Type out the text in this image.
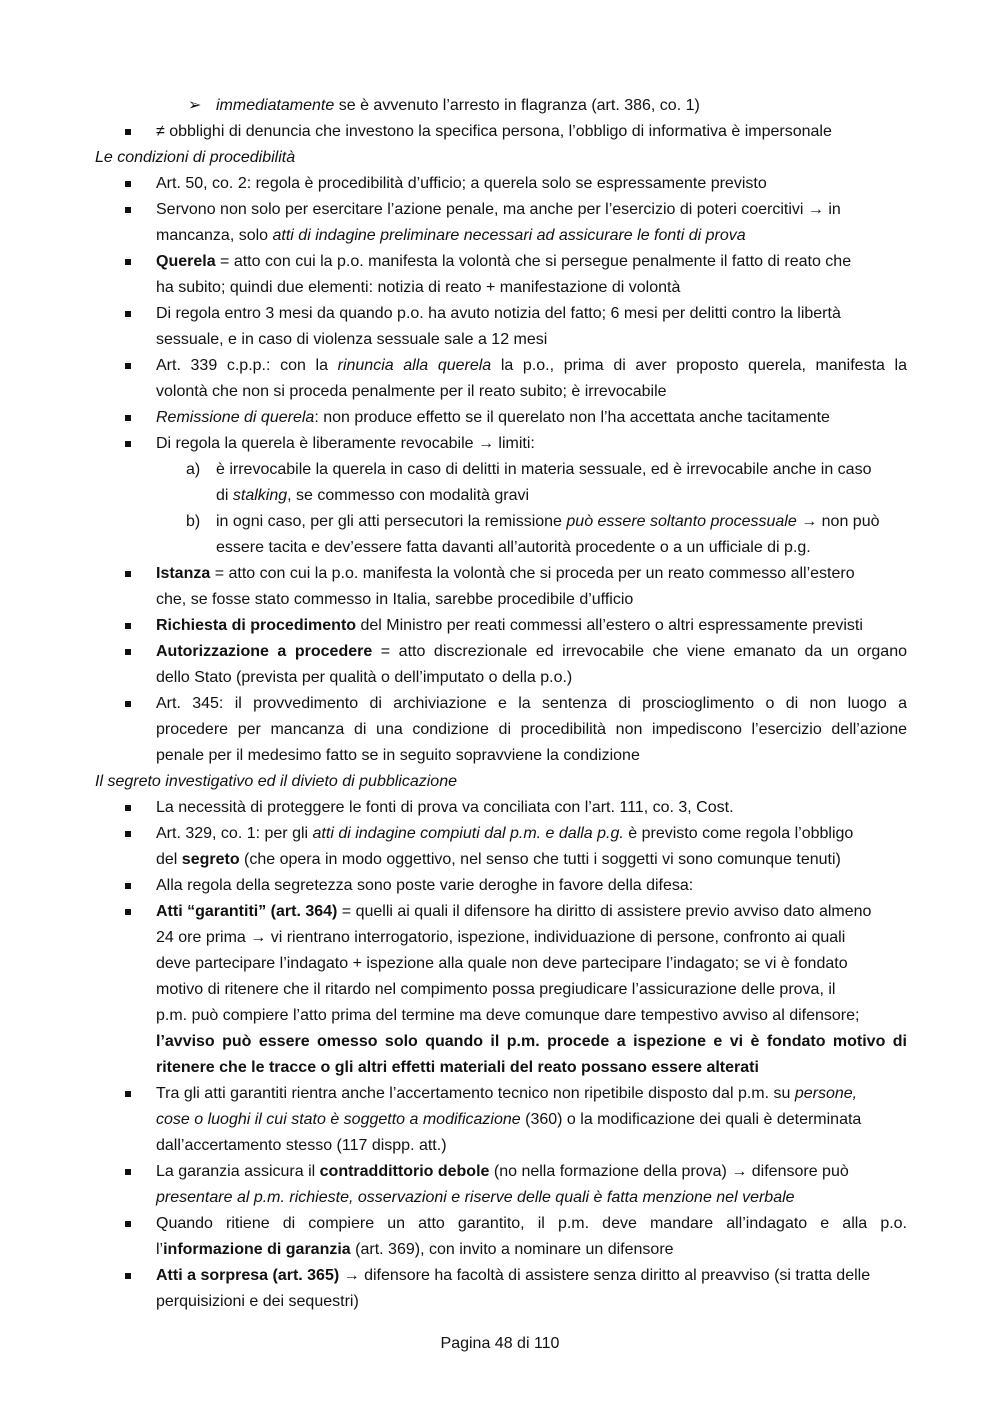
➢ immediatamente se è avvenuto l’arresto in flagranza (art. 386, co. 1)
≠ obblighi di denuncia che investono la specifica persona, l’obbligo di informativa è impersonale
Le condizioni di procedibilità
Art. 50, co. 2: regola è procedibilità d’ufficio; a querela solo se espressamente previsto
Servono non solo per esercitare l’azione penale, ma anche per l’esercizio di poteri coercitivi → in
mancanza, solo atti di indagine preliminare necessari ad assicurare le fonti di prova
Querela = atto con cui la p.o. manifesta la volontà che si persegue penalmente il fatto di reato che
ha subito; quindi due elementi: notizia di reato + manifestazione di volontà
Di regola entro 3 mesi da quando p.o. ha avuto notizia del fatto; 6 mesi per delitti contro la libertà
sessuale, e in caso di violenza sessuale sale a 12 mesi
Art. 339 c.p.p.: con la rinuncia alla querela la p.o., prima di aver proposto querela, manifesta la
volontà che non si proceda penalmente per il reato subito; è irrevocabile
Remissione di querela: non produce effetto se il querelato non l’ha accettata anche tacitamente
Di regola la querela è liberamente revocabile → limiti:
a) è irrevocabile la querela in caso di delitti in materia sessuale, ed è irrevocabile anche in caso
di stalking, se commesso con modalità gravi
b) in ogni caso, per gli atti persecutori la remissione può essere soltanto processuale → non può
essere tacita e dev’essere fatta davanti all’autorità procedente o a un ufficiale di p.g.
Istanza = atto con cui la p.o. manifesta la volontà che si proceda per un reato commesso all’estero
che, se fosse stato commesso in Italia, sarebbe procedibile d’ufficio
Richiesta di procedimento del Ministro per reati commessi all’estero o altri espressamente previsti
Autorizzazione a procedere = atto discrezionale ed irrevocabile che viene emanato da un organo
dello Stato (prevista per qualità o dell’imputato o della p.o.)
Art. 345: il provvedimento di archiviazione e la sentenza di proscioglimento o di non luogo a
procedere per mancanza di una condizione di procedibilità non impediscono l’esercizio dell’azione
penale per il medesimo fatto se in seguito sopravviene la condizione
Il segreto investigativo ed il divieto di pubblicazione
La necessità di proteggere le fonti di prova va conciliata con l’art. 111, co. 3, Cost.
Art. 329, co. 1: per gli atti di indagine compiuti dal p.m. e dalla p.g. è previsto come regola l’obbligo
del segreto (che opera in modo oggettivo, nel senso che tutti i soggetti vi sono comunque tenuti)
Alla regola della segretezza sono poste varie deroghe in favore della difesa:
Atti “garantiti” (art. 364) = quelli ai quali il difensore ha diritto di assistere previo avviso dato almeno
24 ore prima → vi rientrano interrogatorio, ispezione, individuazione di persone, confronto ai quali
deve partecipare l’indagato + ispezione alla quale non deve partecipare l’indagato; se vi è fondato
motivo di ritenere che il ritardo nel compimento possa pregiudicare l’assicurazione delle prova, il
p.m. può compiere l’atto prima del termine ma deve comunque dare tempestivo avviso al difensore;
l’avviso può essere omesso solo quando il p.m. procede a ispezione e vi è fondato motivo di
ritenere che le tracce o gli altri effetti materiali del reato possano essere alterati
Tra gli atti garantiti rientra anche l’accertamento tecnico non ripetibile disposto dal p.m. su persone,
cose o luoghi il cui stato è soggetto a modificazione (360) o la modificazione dei quali è determinata
dall’accertamento stesso (117 dispp. att.)
La garanzia assicura il contraddittorio debole (no nella formazione della prova) → difensore può
presentare al p.m. richieste, osservazioni e riserve delle quali è fatta menzione nel verbale
Quando ritiene di compiere un atto garantito, il p.m. deve mandare all’indagato e alla p.o.
l’informazione di garanzia (art. 369), con invito a nominare un difensore
Atti a sorpresa (art. 365) → difensore ha facoltà di assistere senza diritto al preavviso (si tratta delle
perquisizioni e dei sequestri)
Pagina 48 di 110
